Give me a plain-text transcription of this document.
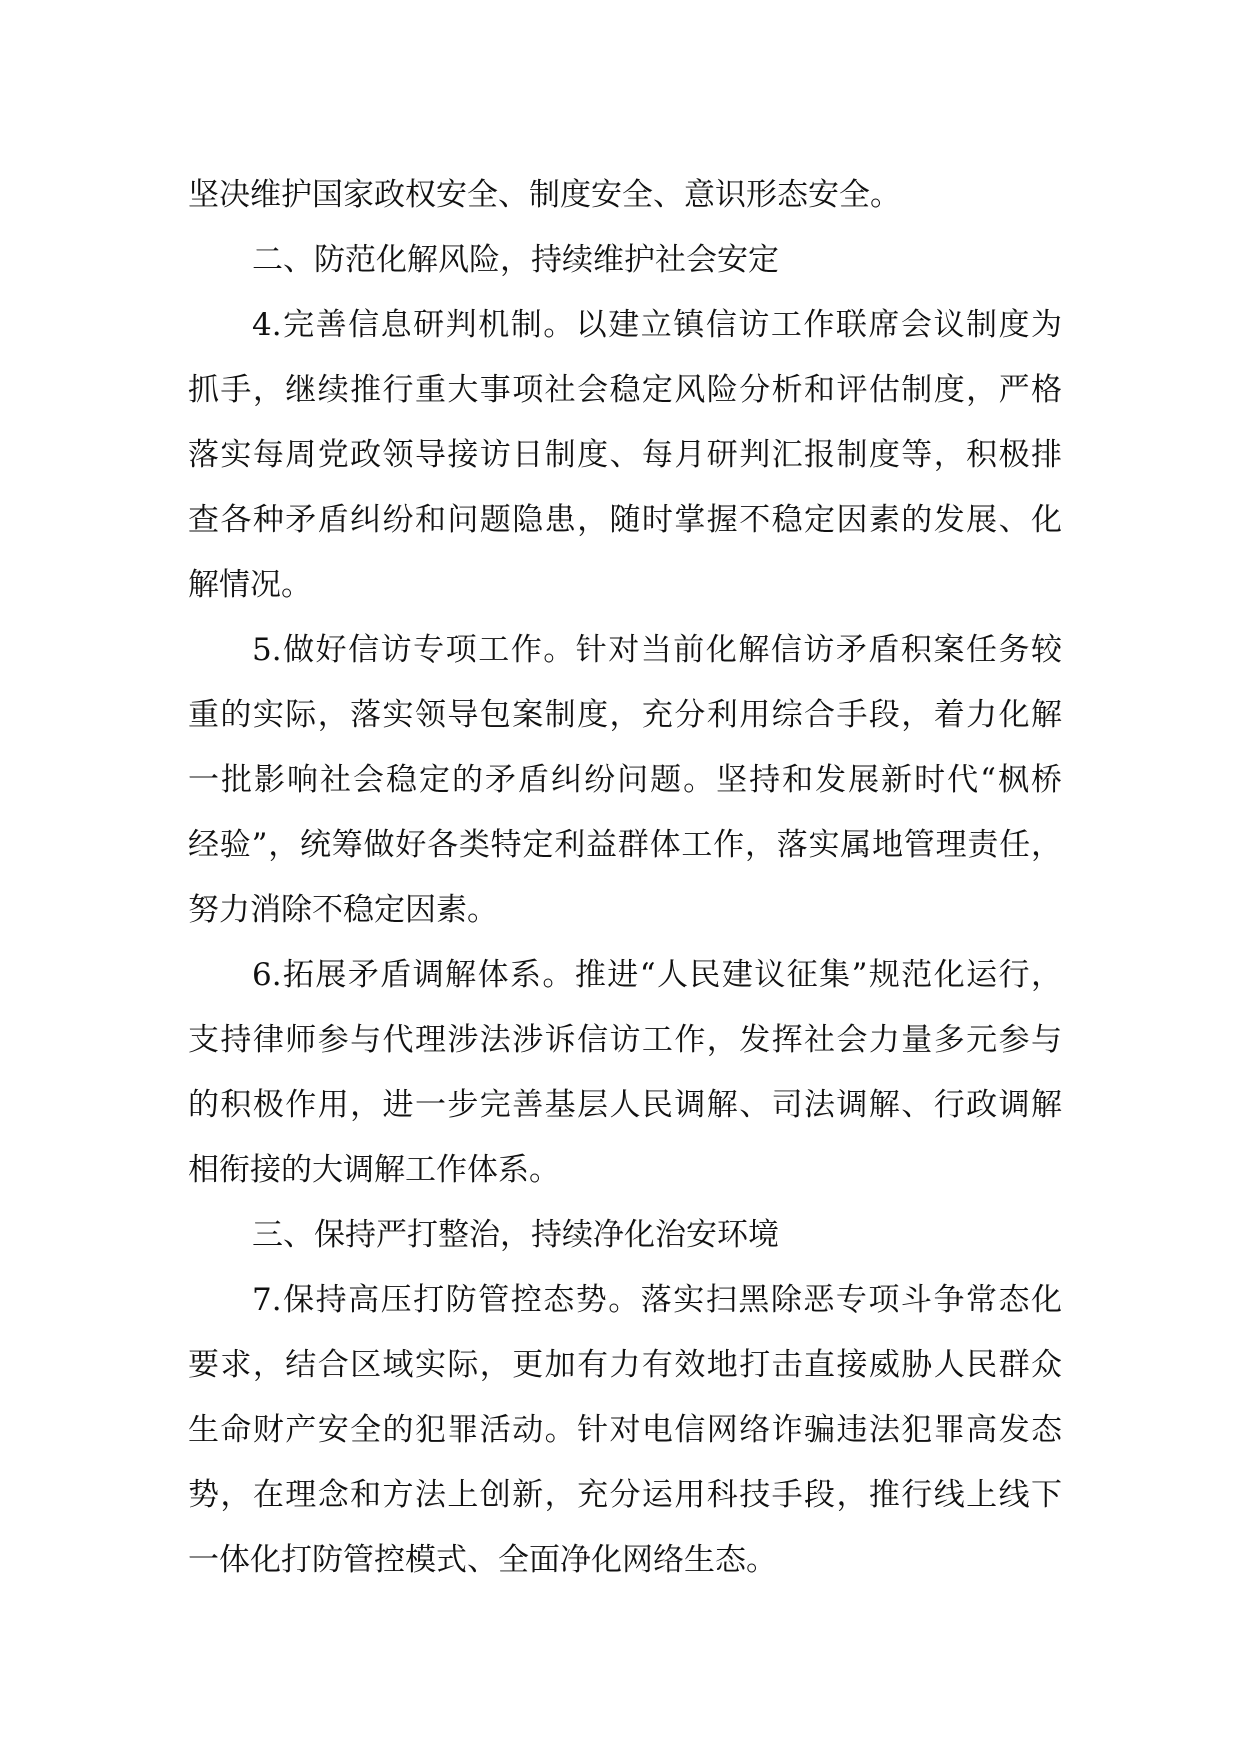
坚决维护国家政权安全、制度安全、意识形态安全。
二、防范化解风险，持续维护社会安定
4.完善信息研判机制。以建立镇信访工作联席会议制度为
抓手，继续推行重大事项社会稳定风险分析和评估制度，严格
落实每周党政领导接访日制度、每月研判汇报制度等，积极排
查各种矛盾纠纷和问题隐患，随时掌握不稳定因素的发展、化
解情况。
5.做好信访专项工作。针对当前化解信访矛盾积案任务较
重的实际，落实领导包案制度，充分利用综合手段，着力化解
一批影响社会稳定的矛盾纠纷问题。坚持和发展新时代“枫桥
经验”，统筹做好各类特定利益群体工作，落实属地管理责任，
努力消除不稳定因素。
6.拓展矛盾调解体系。推进“人民建议征集”规范化运行，
支持律师参与代理涉法涉诉信访工作，发挥社会力量多元参与
的积极作用，进一步完善基层人民调解、司法调解、行政调解
相衔接的大调解工作体系。
三、保持严打整治，持续净化治安环境
7.保持高压打防管控态势。落实扫黑除恶专项斗争常态化
要求，结合区域实际，更加有力有效地打击直接威胁人民群众
生命财产安全的犯罪活动。针对电信网络诈骗违法犯罪高发态
势，在理念和方法上创新，充分运用科技手段，推行线上线下
一体化打防管控模式、全面净化网络生态。
